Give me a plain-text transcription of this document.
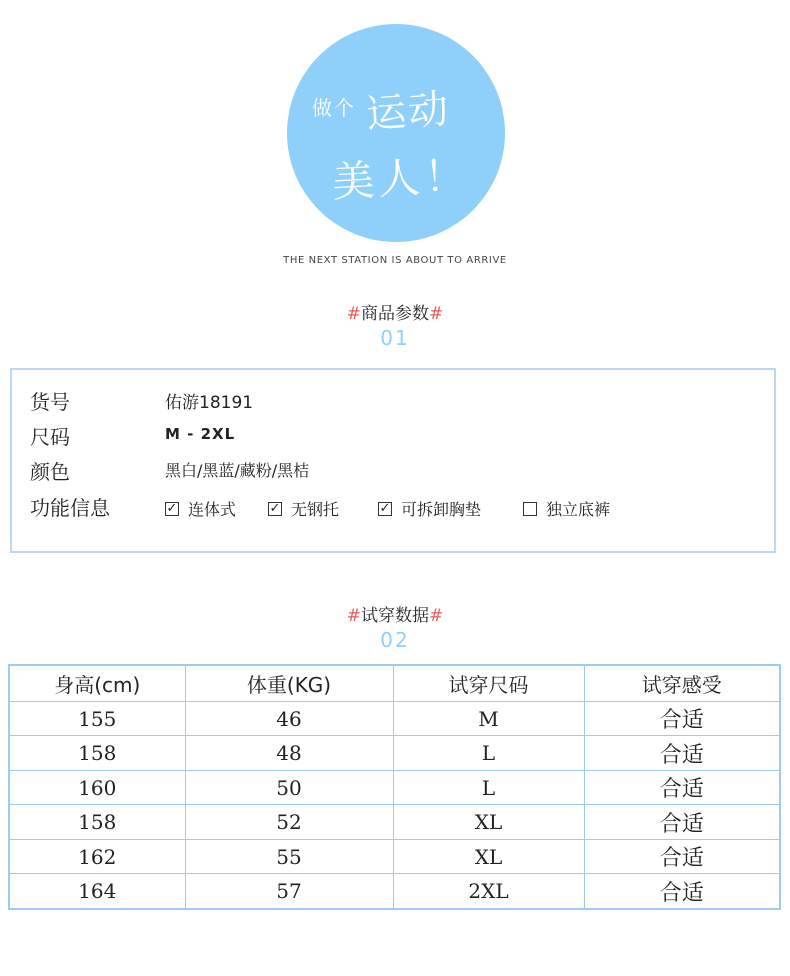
做个 运动
美人！
THE NEXT STATION IS ABOUT TO ARRIVE
#商品参数#
01
货号	佑游18191
尺码	M - 2XL
颜色	黑白/黑蓝/藏粉/黑桔
功能信息	✓ 连体式	✓ 无钢托	✓ 可拆卸胸垫	独立底裤
#试穿数据#
02
身高(cm)	体重(KG)	试穿尺码	试穿感受
155	46	M	合适
158	48	L	合适
160	50	L	合适
158	52	XL	合适
162	55	XL	合适
164	57	2XL	合适
